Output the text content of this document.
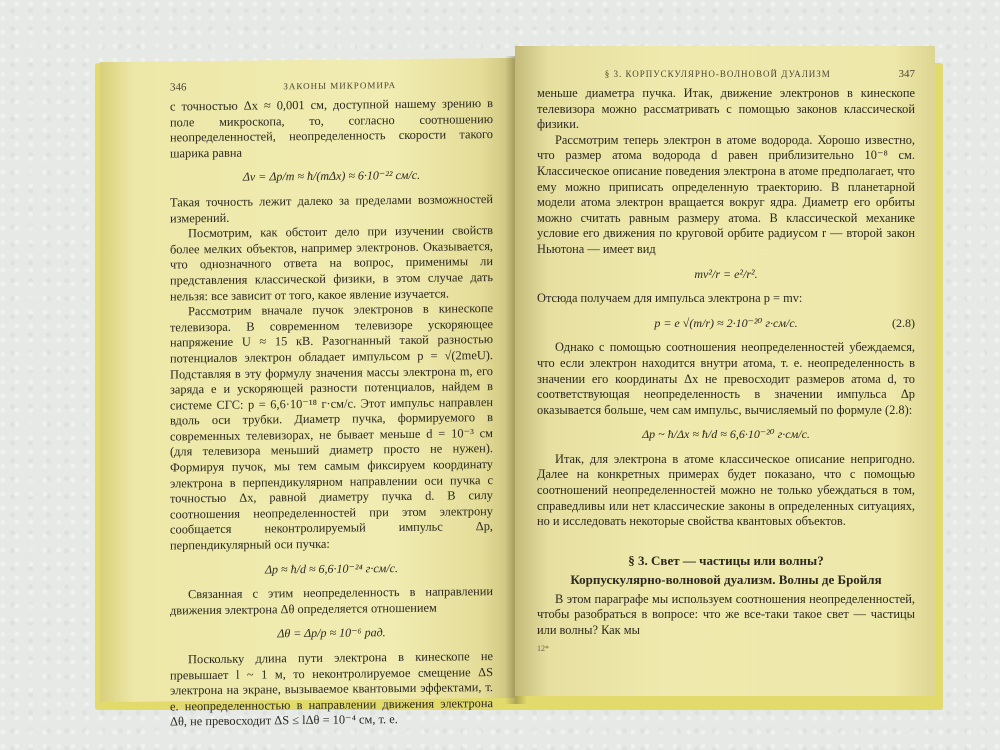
346	ЗАКОНЫ МИКРОМИРА

с точностью Δx ≈ 0,001 см, доступной нашему зрению в поле микроскопа, то, согласно соотношению неопределенностей, неопределенность скорости такого шарика равна

Δv = Δp/m ≈ ħ/(mΔx) ≈ 6·10⁻²² см/с.

Такая точность лежит далеко за пределами возможностей измерений.

Посмотрим, как обстоит дело при изучении свойств более мелких объектов, например электронов. Оказывается, что однозначного ответа на вопрос, применимы ли представления классической физики, в этом случае дать нельзя: все зависит от того, какое явление изучается.

Рассмотрим вначале пучок электронов в кинескопе телевизора. В современном телевизоре ускоряющее напряжение U ≈ 15 кВ. Разогнанный такой разностью потенциалов электрон обладает импульсом p = √(2meU). Подставляя в эту формулу значения массы электрона m, его заряда e и ускоряющей разности потенциалов, найдем в системе СГС: p = 6,6·10⁻¹⁸ г·см/с. Этот импульс направлен вдоль оси трубки. Диаметр пучка, формируемого в современных телевизорах, не бывает меньше d = 10⁻³ см (для телевизора меньший диаметр просто не нужен). Формируя пучок, мы тем самым фиксируем координату электрона в перпендикулярном направлении оси пучка с точностью Δx, равной диаметру пучка d. В силу соотношения неопределенностей при этом электрону сообщается неконтролируемый импульс Δp, перпендикулярный оси пучка:

Δp ≈ ħ/d ≈ 6,6·10⁻²⁴ г·см/с.

Связанная с этим неопределенность в направлении движения электрона Δθ определяется отношением

Δθ = Δp/p ≈ 10⁻⁶ рад.

Поскольку длина пути электрона в кинескопе не превышает l ~ 1 м, то неконтролируемое смещение ΔS электрона на экране, вызываемое квантовыми эффектами, т. е. неопределенностью в направлении движения электрона Δθ, не превосходит ΔS ≤ lΔθ = 10⁻⁴ см, т. е.

§ 3. КОРПУСКУЛЯРНО-ВОЛНОВОЙ ДУАЛИЗМ	347

меньше диаметра пучка. Итак, движение электронов в кинескопе телевизора можно рассматривать с помощью законов классической физики.

Рассмотрим теперь электрон в атоме водорода. Хорошо известно, что размер атома водорода d равен приблизительно 10⁻⁸ см. Классическое описание поведения электрона в атоме предполагает, что ему можно приписать определенную траекторию. В планетарной модели атома электрон вращается вокруг ядра. Диаметр его орбиты можно считать равным размеру атома. В классической механике условие его движения по круговой орбите радиусом r — второй закон Ньютона — имеет вид

mv²/r = e²/r².

Отсюда получаем для импульса электрона p = mv:

p = e √(m/r) ≈ 2·10⁻²⁰ г·см/с.	(2.8)

Однако с помощью соотношения неопределенностей убеждаемся, что если электрон находится внутри атома, т. е. неопределенность в значении его координаты Δx не превосходит размеров атома d, то соответствующая неопределенность в значении импульса Δp оказывается больше, чем сам импульс, вычисляемый по формуле (2.8):

Δp ~ ħ/Δx ≈ ħ/d ≈ 6,6·10⁻²⁰ г·см/с.

Итак, для электрона в атоме классическое описание непригодно. Далее на конкретных примерах будет показано, что с помощью соотношений неопределенностей можно не только убеждаться в том, справедливы или нет классические законы в определенных ситуациях, но и исследовать некоторые свойства квантовых объектов.

§ 3. Свет — частицы или волны?
Корпускулярно-волновой дуализм. Волны де Бройля

В этом параграфе мы используем соотношения неопределенностей, чтобы разобраться в вопросе: что же все-таки такое свет — частицы или волны? Как мы

12*
